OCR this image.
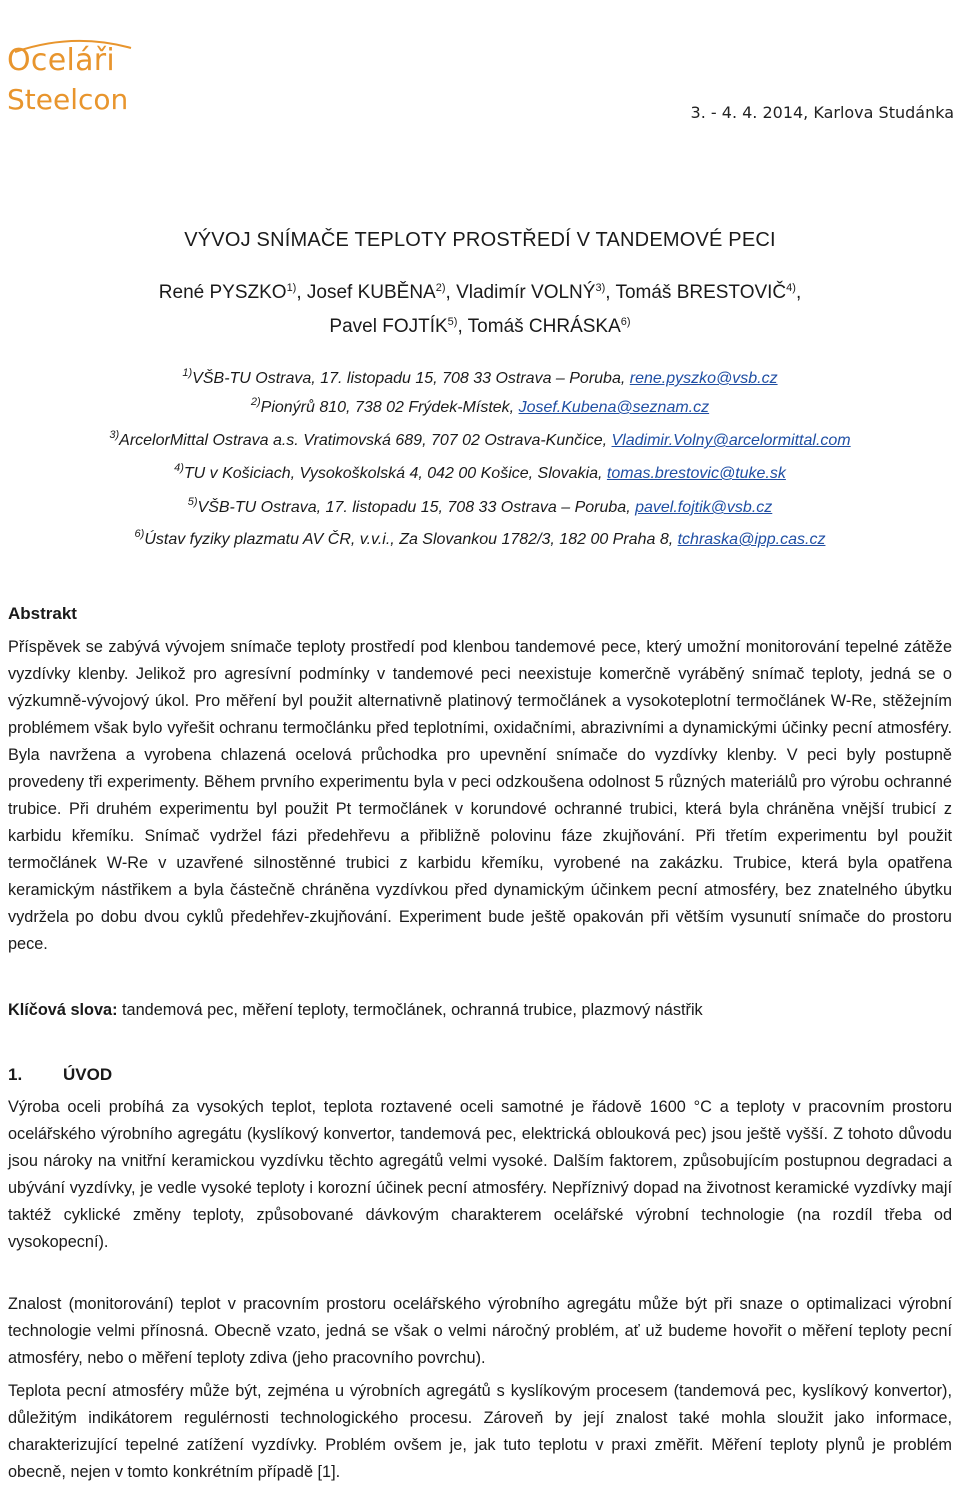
Oceláři
Steelcon	3. - 4. 4. 2014, Karlova Studánka
VÝVOJ SNÍMAČE TEPLOTY PROSTŘEDÍ V TANDEMOVÉ PECI
René PYSZKO$^{1)}$, Josef KUBĚNA$^{2)}$, Vladimír VOLNÝ$^{3)}$, Tomáš BRESTOVIČ$^{4)}$,
Pavel FOJTÍK$^{5)}$, Tomáš CHRÁSKA$^{6)}$
$^{1)}$VŠB-TU Ostrava, 17. listopadu 15, 708 33 Ostrava – Poruba, rene.pyszko@vsb.cz
$^{2)}$Pionýrů 810, 738 02 Frýdek-Místek, Josef.Kubena@seznam.cz
$^{3)}$ArcelorMittal Ostrava a.s. Vratimovská 689, 707 02 Ostrava-Kunčice, Vladimir.Volny@arcelormittal.com
$^{4)}$TU v Košiciach, Vysokoškolská 4, 042 00 Košice, Slovakia, tomas.brestovic@tuke.sk
$^{5)}$VŠB-TU Ostrava, 17. listopadu 15, 708 33 Ostrava – Poruba, pavel.fojtik@vsb.cz
$^{6)}$Ústav fyziky plazmatu AV ČR, v.v.i., Za Slovankou 1782/3, 182 00 Praha 8, tchraska@ipp.cas.cz
Abstrakt

Příspěvek se zabývá vývojem snímače teploty prostředí pod klenbou tandemové pece, který umožní monitorování tepelné zátěže vyzdívky klenby. Jelikož pro agresívní podmínky v tandemové peci neexistuje komerčně vyráběný snímač teploty, jedná se o výzkumně-vývojový úkol. Pro měření byl použit alternativně platinový termočlánek a vysokoteplotní termočlánek W-Re, stěžejním problémem však bylo vyřešit ochranu termočlánku před teplotními, oxidačními, abrazivními a dynamickými účinky pecní atmosféry. Byla navržena a vyrobena chlazená ocelová průchodka pro upevnění snímače do vyzdívky klenby. V peci byly postupně provedeny tři experimenty. Během prvního experimentu byla v peci odzkoušena odolnost 5 různých materiálů pro výrobu ochranné trubice. Při druhém experimentu byl použit Pt termočlánek v korundové ochranné trubici, která byla chráněna vnější trubicí z karbidu křemíku. Snímač vydržel fázi předehřevu a přibližně polovinu fáze zkujňování. Při třetím experimentu byl použit termočlánek W-Re v uzavřené silnostěnné trubici z karbidu křemíku, vyrobené na zakázku. Trubice, která byla opatřena keramickým nástřikem a byla částečně chráněna vyzdívkou před dynamickým účinkem pecní atmosféry, bez znatelného úbytku vydržela po dobu dvou cyklů předehřev-zkujňování. Experiment bude ještě opakován při větším vysunutí snímače do prostoru pece.

Klíčová slova: tandemová pec, měření teploty, termočlánek, ochranná trubice, plazmový nástřik
1. ÚVOD

Výroba oceli probíhá za vysokých teplot, teplota roztavené oceli samotné je řádově 1600 °C a teploty v pracovním prostoru ocelářského výrobního agregátu (kyslíkový konvertor, tandemová pec, elektrická oblouková pec) jsou ještě vyšší. Z tohoto důvodu jsou nároky na vnitřní keramickou vyzdívku těchto agregátů velmi vysoké. Dalším faktorem, způsobujícím postupnou degradaci a ubývání vyzdívky, je vedle vysoké teploty i korozní účinek pecní atmosféry. Nepříznivý dopad na životnost keramické vyzdívky mají taktéž cyklické změny teploty, způsobované dávkovým charakterem ocelářské výrobní technologie (na rozdíl třeba od vysokopecní).

Znalost (monitorování) teplot v pracovním prostoru ocelářského výrobního agregátu může být při snaze o optimalizaci výrobní technologie velmi přínosná. Obecně vzato, jedná se však o velmi náročný problém, ať už budeme hovořit o měření teploty pecní atmosféry, nebo o měření teploty zdiva (jeho pracovního povrchu).

Teplota pecní atmosféry může být, zejména u výrobních agregátů s kyslíkovým procesem (tandemová pec, kyslíkový konvertor), důležitým indikátorem regulérnosti technologického procesu. Zároveň by její znalost také mohla sloužit jako informace, charakterizující tepelné zatížení vyzdívky. Problém ovšem je, jak tuto teplotu v praxi změřit. Měření teploty plynů je problém obecně, nejen v tomto konkrétním případě [1].
